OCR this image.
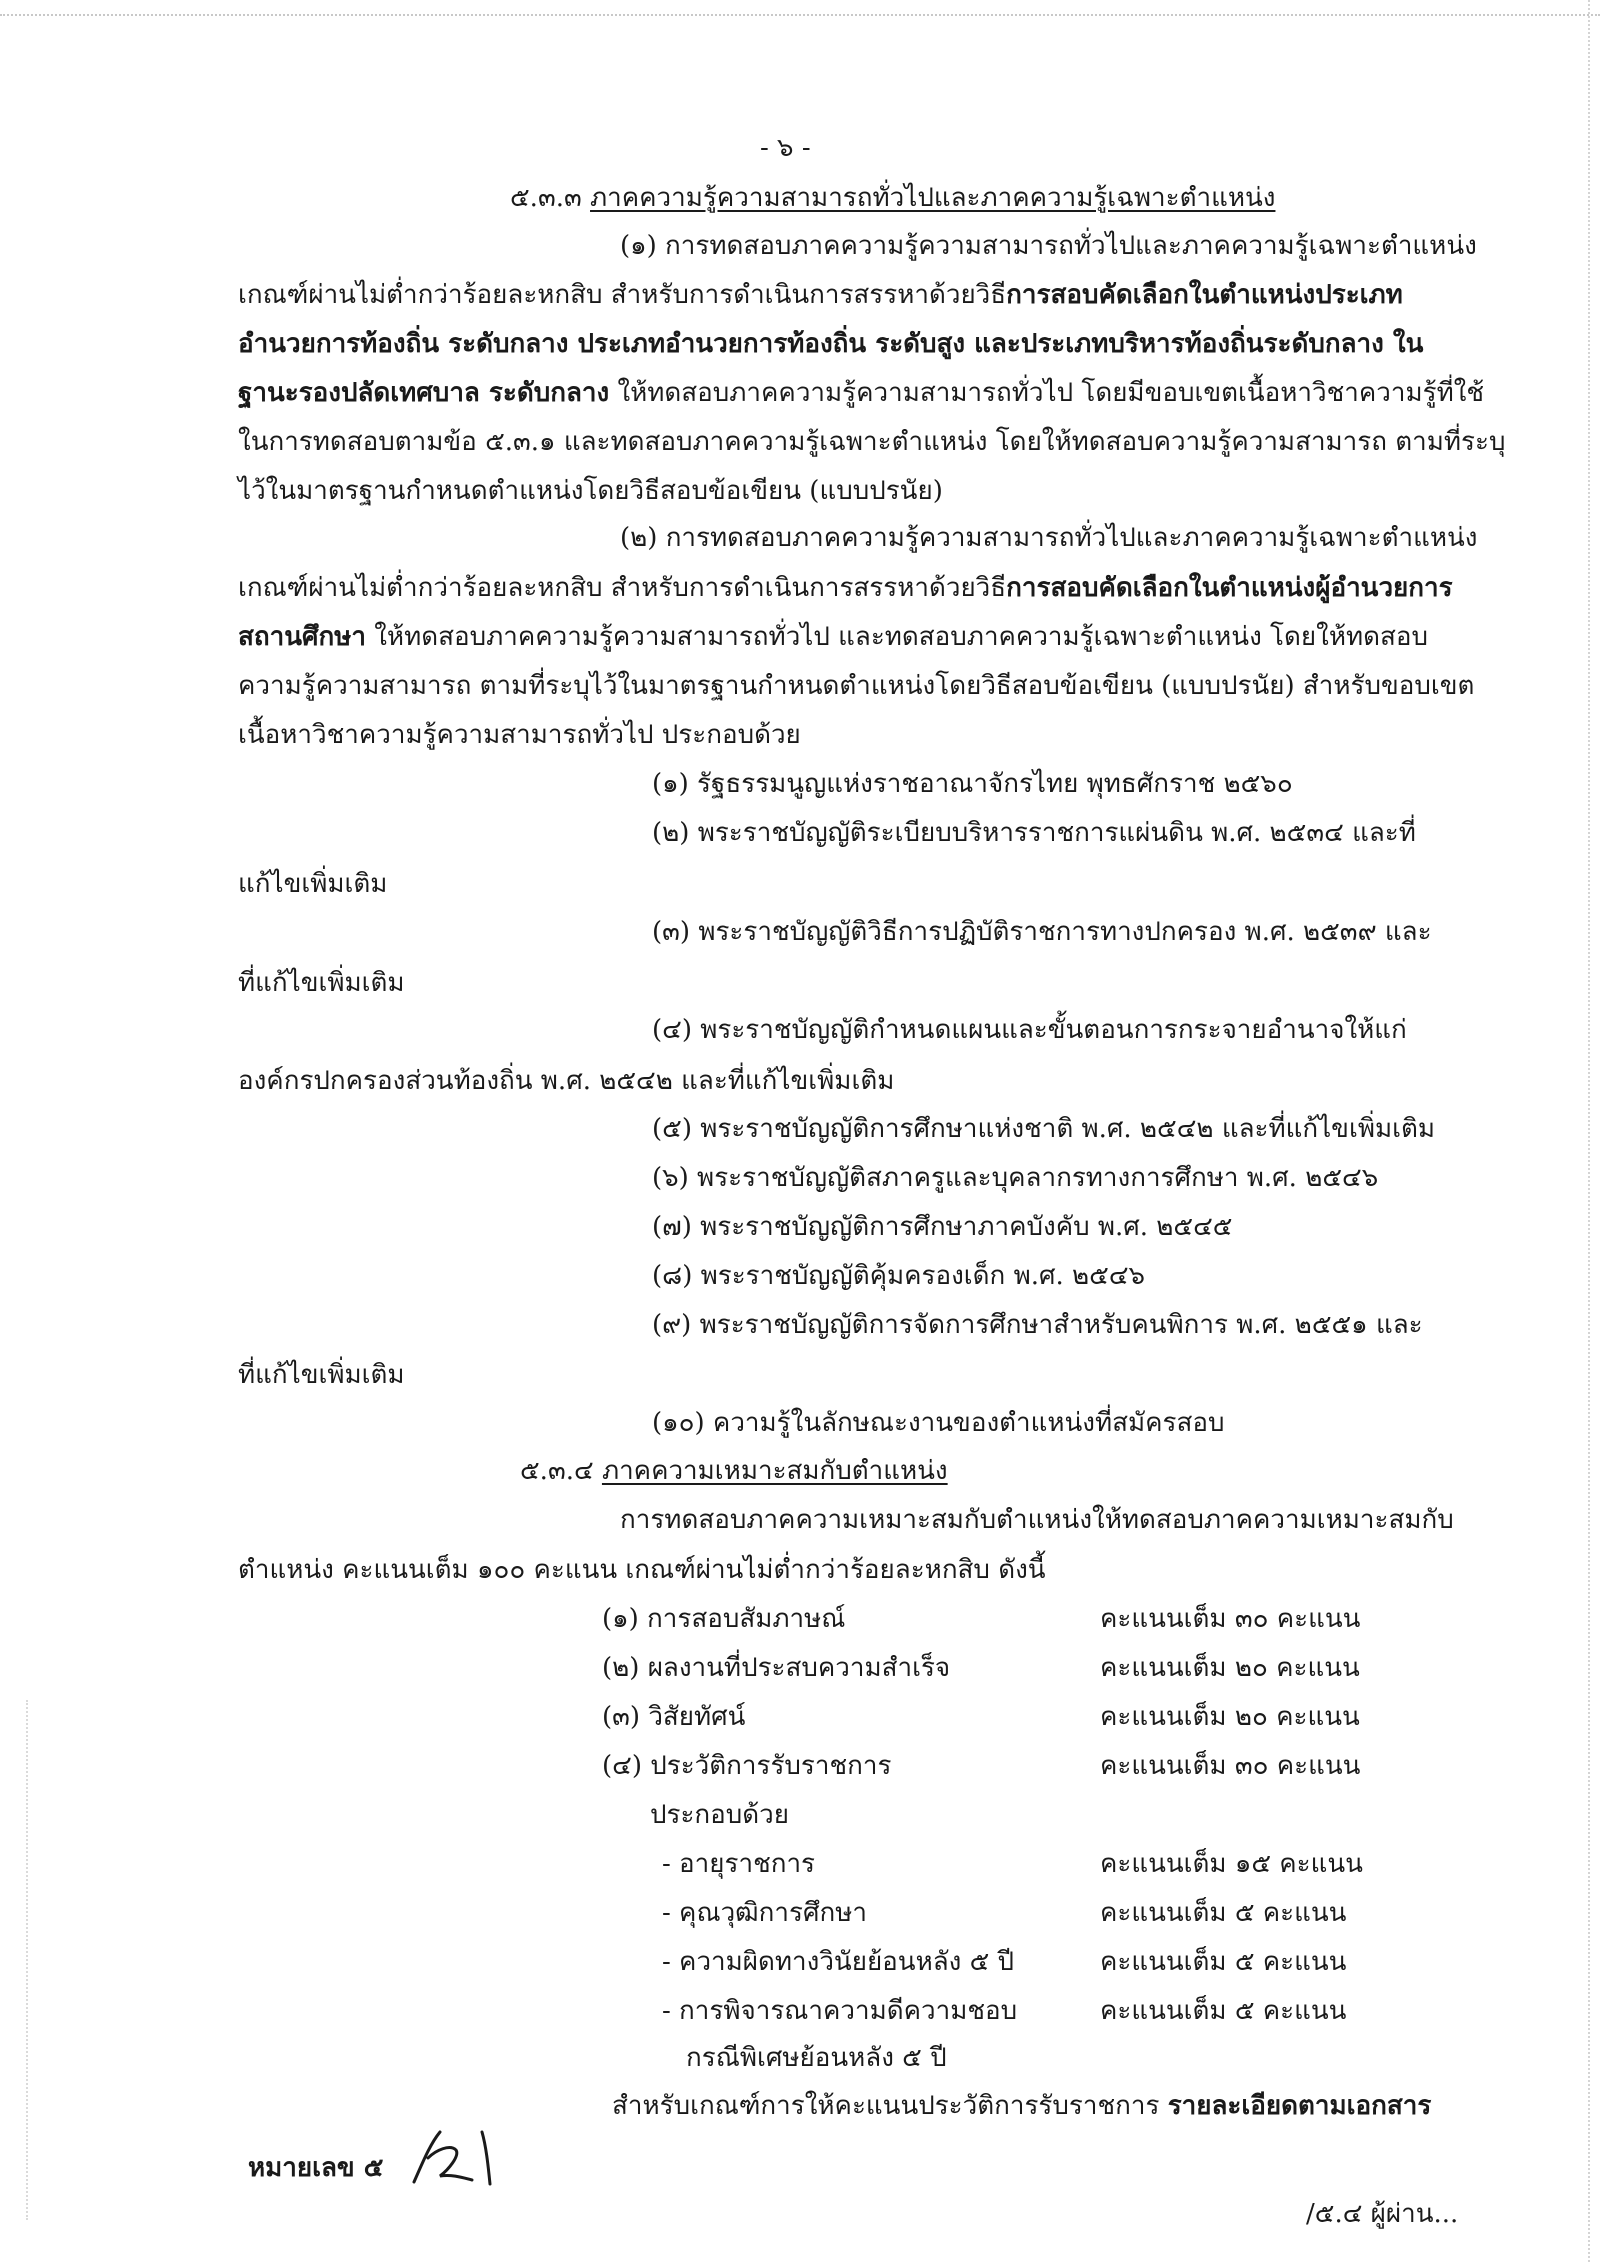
- ๖ -
๕.๓.๓ ภาคความรู้ความสามารถทั่วไปและภาคความรู้เฉพาะตำแหน่ง
(๑) การทดสอบภาคความรู้ความสามารถทั่วไปและภาคความรู้เฉพาะตำแหน่ง
เกณฑ์ผ่านไม่ต่ำกว่าร้อยละหกสิบ สำหรับการดำเนินการสรรหาด้วยวิธีการสอบคัดเลือกในตำแหน่งประเภท
อำนวยการท้องถิ่น ระดับกลาง ประเภทอำนวยการท้องถิ่น ระดับสูง และประเภทบริหารท้องถิ่นระดับกลาง ใน
ฐานะรองปลัดเทศบาล ระดับกลาง ให้ทดสอบภาคความรู้ความสามารถทั่วไป โดยมีขอบเขตเนื้อหาวิชาความรู้ที่ใช้
ในการทดสอบตามข้อ ๕.๓.๑ และทดสอบภาคความรู้เฉพาะตำแหน่ง โดยให้ทดสอบความรู้ความสามารถ ตามที่ระบุ
ไว้ในมาตรฐานกำหนดตำแหน่งโดยวิธีสอบข้อเขียน (แบบปรนัย)
(๒) การทดสอบภาคความรู้ความสามารถทั่วไปและภาคความรู้เฉพาะตำแหน่ง
เกณฑ์ผ่านไม่ต่ำกว่าร้อยละหกสิบ สำหรับการดำเนินการสรรหาด้วยวิธีการสอบคัดเลือกในตำแหน่งผู้อำนวยการ
สถานศึกษา ให้ทดสอบภาคความรู้ความสามารถทั่วไป และทดสอบภาคความรู้เฉพาะตำแหน่ง โดยให้ทดสอบ
ความรู้ความสามารถ ตามที่ระบุไว้ในมาตรฐานกำหนดตำแหน่งโดยวิธีสอบข้อเขียน (แบบปรนัย) สำหรับขอบเขต
เนื้อหาวิชาความรู้ความสามารถทั่วไป ประกอบด้วย
(๑) รัฐธรรมนูญแห่งราชอาณาจักรไทย พุทธศักราช ๒๕๖๐
(๒) พระราชบัญญัติระเบียบบริหารราชการแผ่นดิน พ.ศ. ๒๕๓๔ และที่
แก้ไขเพิ่มเติม
(๓) พระราชบัญญัติวิธีการปฏิบัติราชการทางปกครอง พ.ศ. ๒๕๓๙ และ
ที่แก้ไขเพิ่มเติม
(๔) พระราชบัญญัติกำหนดแผนและขั้นตอนการกระจายอำนาจให้แก่
องค์กรปกครองส่วนท้องถิ่น พ.ศ. ๒๕๔๒ และที่แก้ไขเพิ่มเติม
(๕) พระราชบัญญัติการศึกษาแห่งชาติ พ.ศ. ๒๕๔๒ และที่แก้ไขเพิ่มเติม
(๖) พระราชบัญญัติสภาครูและบุคลากรทางการศึกษา พ.ศ. ๒๕๔๖
(๗) พระราชบัญญัติการศึกษาภาคบังคับ พ.ศ. ๒๕๔๕
(๘) พระราชบัญญัติคุ้มครองเด็ก พ.ศ. ๒๕๔๖
(๙) พระราชบัญญัติการจัดการศึกษาสำหรับคนพิการ พ.ศ. ๒๕๕๑ และ
ที่แก้ไขเพิ่มเติม
(๑๐) ความรู้ในลักษณะงานของตำแหน่งที่สมัครสอบ
๕.๓.๔ ภาคความเหมาะสมกับตำแหน่ง
การทดสอบภาคความเหมาะสมกับตำแหน่งให้ทดสอบภาคความเหมาะสมกับ
ตำแหน่ง คะแนนเต็ม ๑๐๐ คะแนน เกณฑ์ผ่านไม่ต่ำกว่าร้อยละหกสิบ ดังนี้
(๑) การสอบสัมภาษณ์	คะแนนเต็ม ๓๐ คะแนน
(๒) ผลงานที่ประสบความสำเร็จ	คะแนนเต็ม ๒๐ คะแนน
(๓) วิสัยทัศน์	คะแนนเต็ม ๒๐ คะแนน
(๔) ประวัติการรับราชการ	คะแนนเต็ม ๓๐ คะแนน
ประกอบด้วย
- อายุราชการ	คะแนนเต็ม ๑๕ คะแนน
- คุณวุฒิการศึกษา	คะแนนเต็ม ๕ คะแนน
- ความผิดทางวินัยย้อนหลัง ๕ ปี	คะแนนเต็ม ๕ คะแนน
- การพิจารณาความดีความชอบ	คะแนนเต็ม ๕ คะแนน
กรณีพิเศษย้อนหลัง ๕ ปี
สำหรับเกณฑ์การให้คะแนนประวัติการรับราชการ รายละเอียดตามเอกสาร
หมายเลข ๕
/๕.๔ ผู้ผ่าน...
